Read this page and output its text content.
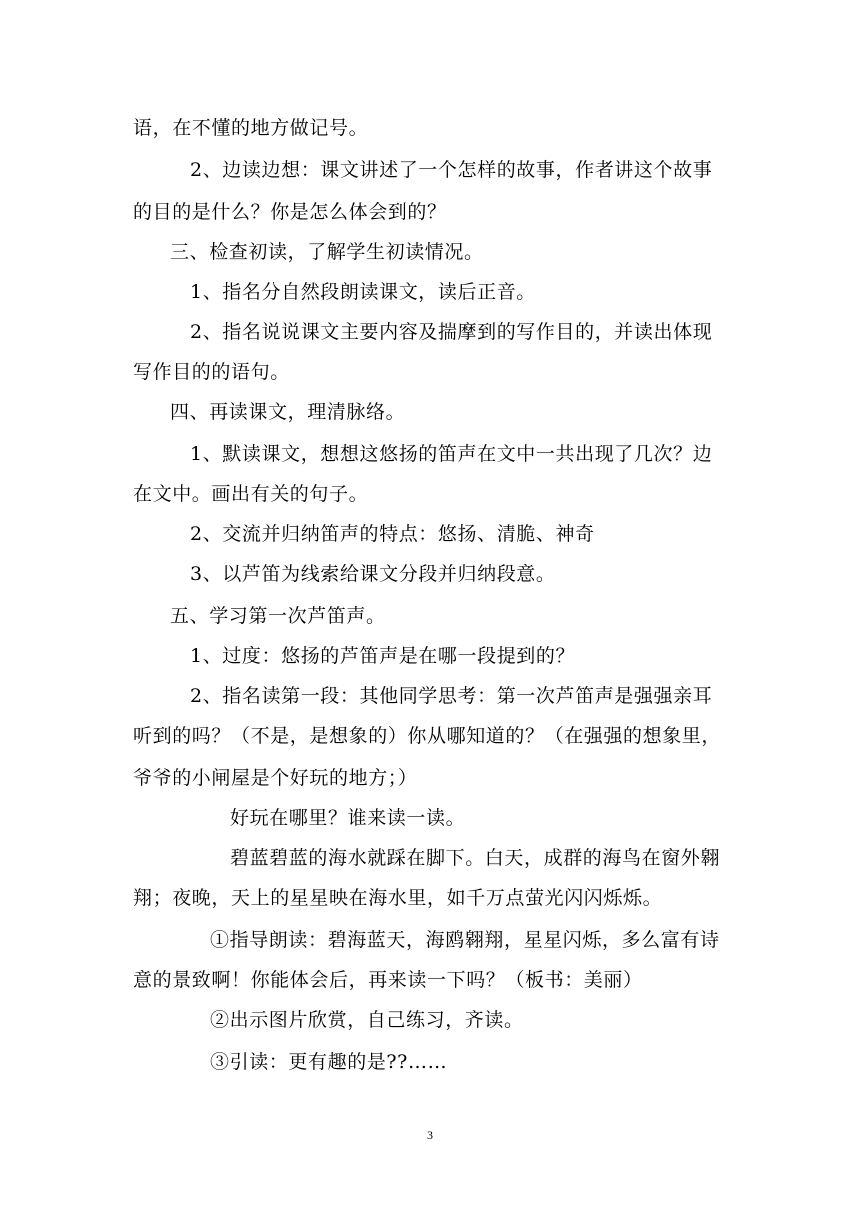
语，在不懂的地方做记号。
2、边读边想：课文讲述了一个怎样的故事，作者讲这个故事
的目的是什么？你是怎么体会到的？
三、检查初读，了解学生初读情况。
1、指名分自然段朗读课文，读后正音。
2、指名说说课文主要内容及揣摩到的写作目的，并读出体现
写作目的的语句。
四、再读课文，理清脉络。
1、默读课文，想想这悠扬的笛声在文中一共出现了几次？边
在文中。画出有关的句子。
2、交流并归纳笛声的特点：悠扬、清脆、神奇
3、以芦笛为线索给课文分段并归纳段意。
五、学习第一次芦笛声。
1、过度：悠扬的芦笛声是在哪一段提到的？
2、指名读第一段：其他同学思考：第一次芦笛声是强强亲耳
听到的吗？（不是，是想象的）你从哪知道的？（在强强的想象里，
爷爷的小闸屋是个好玩的地方；）
好玩在哪里？谁来读一读。
碧蓝碧蓝的海水就踩在脚下。白天，成群的海鸟在窗外翱
翔；夜晚，天上的星星映在海水里，如千万点萤光闪闪烁烁。
①指导朗读：碧海蓝天，海鸥翱翔，星星闪烁，多么富有诗
意的景致啊！你能体会后，再来读一下吗？（板书：美丽）
②出示图片欣赏，自己练习，齐读。
③引读：更有趣的是??……
3
